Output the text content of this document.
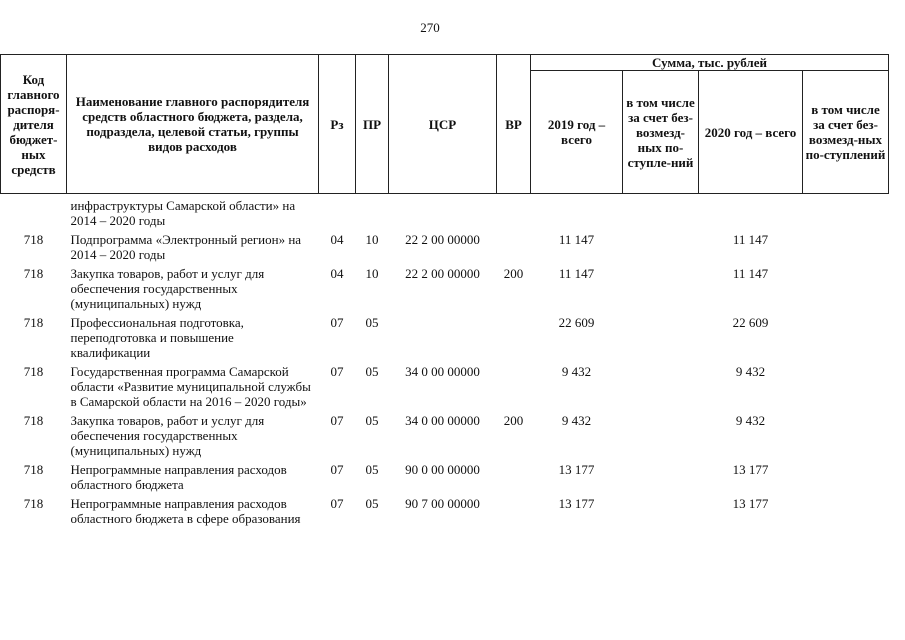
270
Код главного распоря-дителя бюджет-ных средств	Наименование главного распорядителя средств областного бюджета, раздела, подраздела, целевой статьи, группы видов расходов	Рз	ПР	ЦСР	ВР	Сумма, тыс. рублей			
						2019 год – всего	в том числе за счет без-возмезд-ных по-ступле-ний	2020 год – всего	в том числе за счет без-возмезд-ных по-ступлений
	инфраструктуры Самарской области» на 2014 – 2020 годы								
718	Подпрограмма «Электронный регион» на 2014 – 2020 годы	04	10	22 2 00 00000		11 147		11 147	
718	Закупка товаров, работ и услуг для обеспечения государственных (муниципальных) нужд	04	10	22 2 00 00000	200	11 147		11 147	
718	Профессиональная подготовка, переподготовка и повышение квалификации	07	05			22 609		22 609	
718	Государственная программа Самарской области «Развитие муниципальной службы в Самарской области на 2016 – 2020 годы»	07	05	34 0 00 00000		9 432		9 432	
718	Закупка товаров, работ и услуг для обеспечения государственных (муниципальных) нужд	07	05	34 0 00 00000	200	9 432		9 432	
718	Непрограммные направления расходов областного бюджета	07	05	90 0 00 00000		13 177		13 177	
718	Непрограммные направления расходов областного бюджета в сфере образования	07	05	90 7 00 00000		13 177		13 177	
